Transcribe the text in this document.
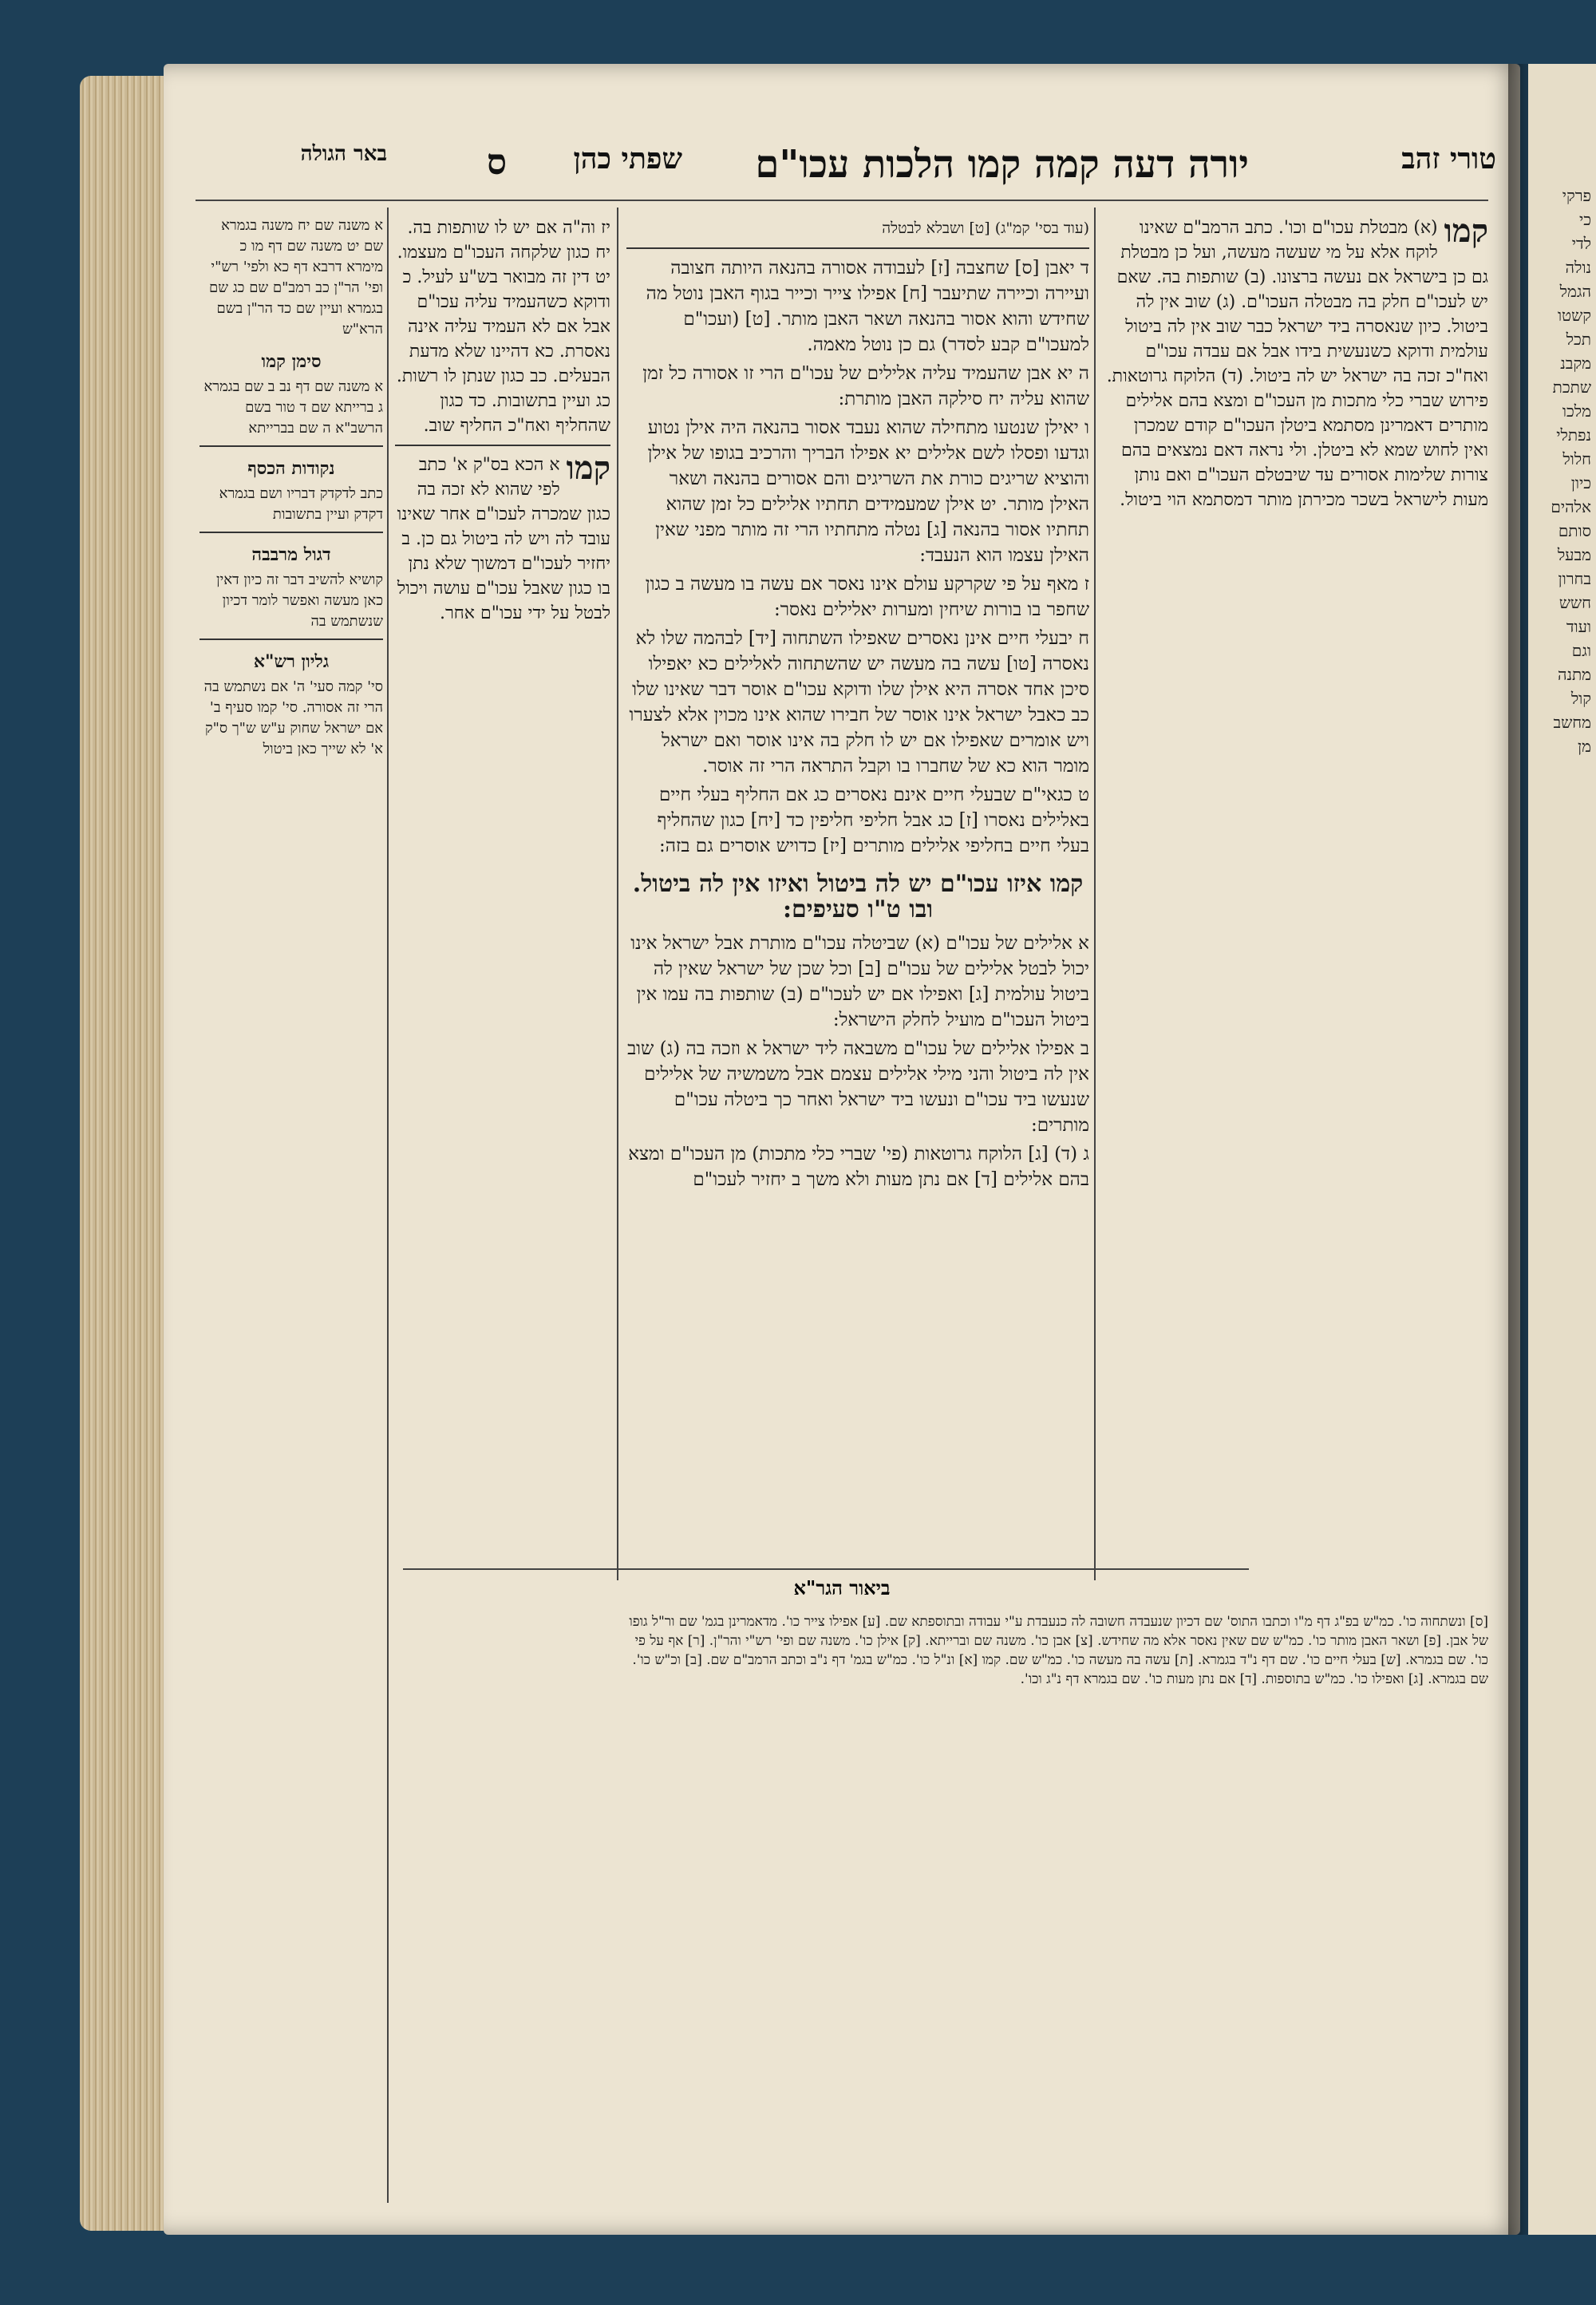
טורי זהב
יורה דעה קמה קמו הלכות עכו"ם
שפתי כהן
ס
באר הגולה
קמו
(א) מבטלת עכו"ם וכו'. כתב הרמב"ם שאינו לוקח אלא על מי שעשה מעשה, ועל כן מבטלת גם כן בישראל אם נעשה ברצונו. (ב) שותפות בה. שאם יש לעכו"ם חלק בה מבטלה העכו"ם. (ג) שוב אין לה ביטול. כיון שנאסרה ביד ישראל כבר שוב אין לה ביטול עולמית ודוקא כשנעשית בידו אבל אם עבדה עכו"ם ואח"כ זכה בה ישראל יש לה ביטול. (ד) הלוקח גרוטאות. פירוש שברי כלי מתכות מן העכו"ם ומצא בהם אלילים מותרים דאמרינן מסתמא ביטלן העכו"ם קודם שמכרן ואין לחוש שמא לא ביטלן. ולי נראה דאם נמצאים בהם צורות שלימות אסורים עד שיבטלם העכו"ם ואם נותן מעות לישראל בשכר מכירתן מותר דמסתמא הוי ביטול.
(עוד בסי' קמ"ג) [ט] ושבלא לבטלה

ד יאבן [ס] שחצבה [ז] לעבודה אסורה בהנאה היותה חצובה ועיירה וכיירה שתיעבר [ח] אפילו צייר וכייר בגוף האבן נוטל מה שחידש והוא אסור בהנאה ושאר האבן מותר. [ט] (ועכו"ם למעכו"ם קבע לסדר) גם כן נוטל מאמה.

ה יא אבן שהעמיד עליה אלילים של עכו"ם הרי זו אסורה כל זמן שהוא עליה יח סילקה האבן מותרת:

ו יאילן שנטעו מתחילה שהוא נעבד אסור בהנאה היה אילן נטוע וגדעו ופסלו לשם אלילים יא אפילו הבריך והרכיב בגופו של אילן והוציא שריגים כורת את השריגים והם אסורים בהנאה ושאר האילן מותר. יט אילן שמעמידים תחתיו אלילים כל זמן שהוא תחתיו אסור בהנאה [ג] נטלה מתחתיו הרי זה מותר מפני שאין האילן עצמו הוא הנעבד:

ז מאף על פי שקרקע עולם אינו נאסר אם עשה בו מעשה ב כגון שחפר בו בורות שיחין ומערות יאלילים נאסר:

ח יבעלי חיים אינן נאסרים שאפילו השתחוה [יד] לבהמה שלו לא נאסרה [טו] עשה בה מעשה יש שהשתחוה לאלילים כא יאפילו סיכן אחד אסרה היא אילן שלו ודוקא עכו"ם אוסר דבר שאינו שלו כב כאבל ישראל אינו אוסר של חבירו שהוא אינו מכוין אלא לצערו ויש אומרים שאפילו אם יש לו חלק בה אינו אוסר ואם ישראל מומר הוא כא של שחברו בו וקבל התראה הרי זה אוסר.

ט כגאי"ם שבעלי חיים אינם נאסרים כג אם החליף בעלי חיים באלילים נאסרו [ז] כג אבל חליפי חליפין כד [יח] כגון שהחליף בעלי חיים בחליפי אלילים מותרים [יז] כדויש אוסרים גם בזה:

קמו איזו עכו"ם יש לה ביטול ואיזו אין לה ביטול. ובו ט"ו סעיפים:

א אלילים של עכו"ם (א) שביטלה עכו"ם מותרת אבל ישראל אינו יכול לבטל אלילים של עכו"ם [ב] וכל שכן של ישראל שאין לה ביטול עולמית [ג] ואפילו אם יש לעכו"ם (ב) שותפות בה עמו אין ביטול העכו"ם מועיל לחלק הישראל:

ב אפילו אלילים של עכו"ם משבאה ליד ישראל א וזכה בה (ג) שוב אין לה ביטול והני מילי אלילים עצמם אבל משמשיה של אלילים שנעשו ביד עכו"ם ונעשו ביד ישראל ואחר כך ביטלה עכו"ם מותרים:

ג (ד) [ג] הלוקח גרוטאות (פי' שברי כלי מתכות) מן העכו"ם ומצא בהם אלילים [ד] אם נתן מעות ולא משך ב יחזיר לעכו"ם

יז וה"ה אם יש לו שותפות בה. יח כגון שלקחה העכו"ם מעצמו. יט דין זה מבואר בש"ע לעיל. כ ודוקא כשהעמיד עליה עכו"ם אבל אם לא העמיד עליה אינה נאסרת. כא דהיינו שלא מדעת הבעלים. כב כגון שנתן לו רשות. כג ועיין בתשובות. כד כגון שהחליף ואח"כ החליף שוב.
קמו
א הכא בס"ק א' כתב לפי שהוא לא זכה בה כגון שמכרה לעכו"ם אחר שאינו עובד לה ויש לה ביטול גם כן. ב יחזיר לעכו"ם דמשוך שלא נתן בו כגון שאבל עכו"ם עושה ויכול לבטל על ידי עכו"ם אחר.
א משנה שם יח משנה בגמרא שם יט משנה שם דף מו כ מימרא דרבא דף כא ולפי' רש"י ופי' הר"ן כב רמב"ם שם כג שם בגמרא ועיין שם כד הר"ן בשם הרא"ש
סימן קמו
א משנה שם דף נב ב שם בגמרא ג ברייתא שם ד טור בשם הרשב"א ה שם בברייתא
נקודות הכסף
כתב לדקדק דבריו ושם בגמרא דקדק ועיין בתשובות
דגול מרבבה
קושיא להשיב דבר זה כיון דאין כאן מעשה ואפשר לומר דכיון שנשתמש בה
גליון רש"א
סי' קמה סעי' ה' אם נשתמש בה הרי זה אסורה. סי' קמו סעיף ב' אם ישראל שחוק ע"ש ש"ך ס"ק א' לא שייך כאן ביטול
ביאור הגר"א
[ס] ונשתחוה כו'. כמ"ש בפ"ג דף מ"ו וכתבו התוס' שם דכיון שנעבדה חשובה לה כנעבדת ע"י עבודה ובתוספתא שם. [ע] אפילו צייר כו'. מדאמרינן בגמ' שם ור"ל גופו של אבן. [פ] ושאר האבן מותר כו'. כמ"ש שם שאין נאסר אלא מה שחידש. [צ] אבן כו'. משנה שם וברייתא. [ק] אילן כו'. משנה שם ופי' רש"י והר"ן. [ר] אף על פי כו'. שם בגמרא. [ש] בעלי חיים כו'. שם דף נ"ד בגמרא. [ת] עשה בה מעשה כו'. כמ"ש שם. קמו [א] ונ"ל כו'. כמ"ש בגמ' דף נ"ב וכתב הרמב"ם שם. [ב] וכ"ש כו'. שם בגמרא. [ג] ואפילו כו'. כמ"ש בתוספות. [ד] אם נתן מעות כו'. שם בגמרא דף נ"ג וכו'.
פרקי
כי
לדי
נולה
הגמל
קשטו
תכל
מקבנ
שתכת
מלכו
נפתלי
חלול
כיון
אלהים
סותם
מבעל
בחרון
חשש
ועוד
וגם
מתנה
קול
מחשב
מן
